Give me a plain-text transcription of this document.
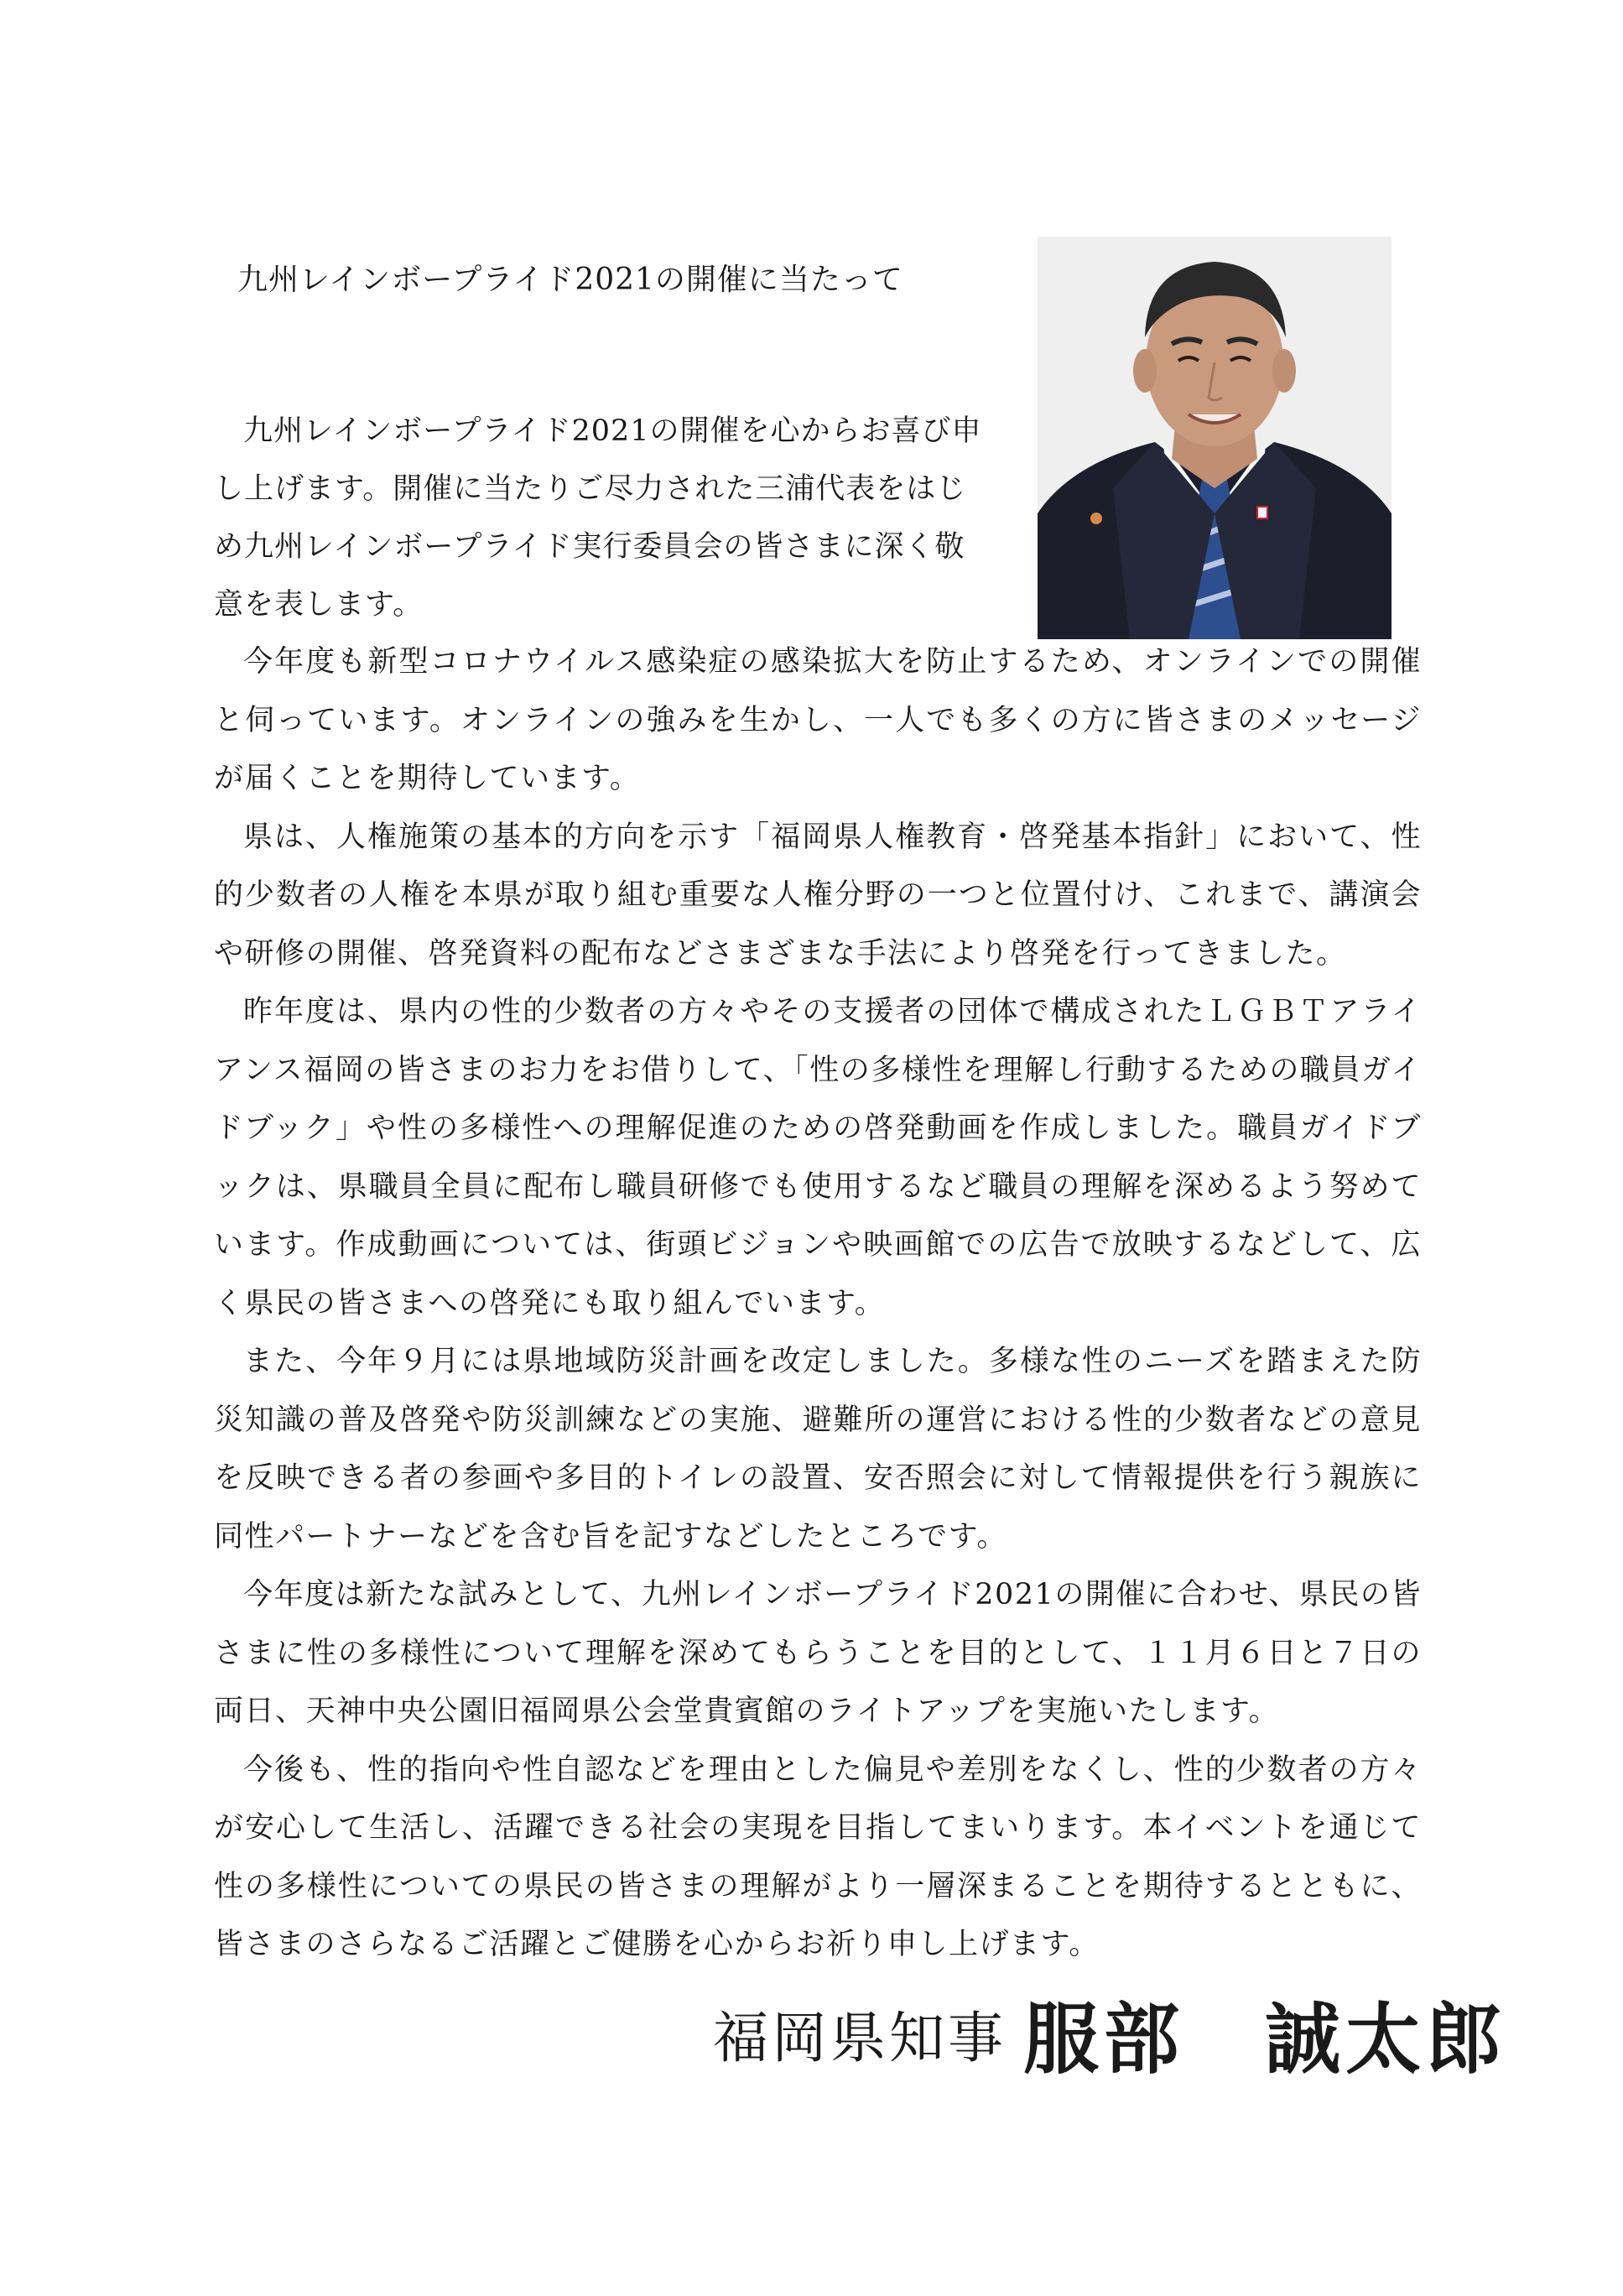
九州レインボープライド2021の開催に当たって

九州レインボープライド2021の開催を心からお喜び申し上げます。開催に当たりご尽力された三浦代表をはじめ九州レインボープライド実行委員会の皆さまに深く敬意を表します。

今年度も新型コロナウイルス感染症の感染拡大を防止するため、オンラインでの開催と伺っています。オンラインの強みを生かし、一人でも多くの方に皆さまのメッセージが届くことを期待しています。

県は、人権施策の基本的方向を示す「福岡県人権教育・啓発基本指針」において、性的少数者の人権を本県が取り組む重要な人権分野の一つと位置付け、これまで、講演会や研修の開催、啓発資料の配布などさまざまな手法により啓発を行ってきました。

昨年度は、県内の性的少数者の方々やその支援者の団体で構成されたＬＧＢＴアライアンス福岡の皆さまのお力をお借りして、「性の多様性を理解し行動するための職員ガイドブック」や性の多様性への理解促進のための啓発動画を作成しました。職員ガイドブックは、県職員全員に配布し職員研修でも使用するなど職員の理解を深めるよう努めています。作成動画については、街頭ビジョンや映画館での広告で放映するなどして、広く県民の皆さまへの啓発にも取り組んでいます。

また、今年９月には県地域防災計画を改定しました。多様な性のニーズを踏まえた防災知識の普及啓発や防災訓練などの実施、避難所の運営における性的少数者などの意見を反映できる者の参画や多目的トイレの設置、安否照会に対して情報提供を行う親族に同性パートナーなどを含む旨を記すなどしたところです。

今年度は新たな試みとして、九州レインボープライド2021の開催に合わせ、県民の皆さまに性の多様性について理解を深めてもらうことを目的として、１１月６日と７日の両日、天神中央公園旧福岡県公会堂貴賓館のライトアップを実施いたします。

今後も、性的指向や性自認などを理由とした偏見や差別をなくし、性的少数者の方々が安心して生活し、活躍できる社会の実現を目指してまいります。本イベントを通じて性の多様性についての県民の皆さまの理解がより一層深まることを期待するとともに、皆さまのさらなるご活躍とご健勝を心からお祈り申し上げます。

福岡県知事 服部　誠太郎
